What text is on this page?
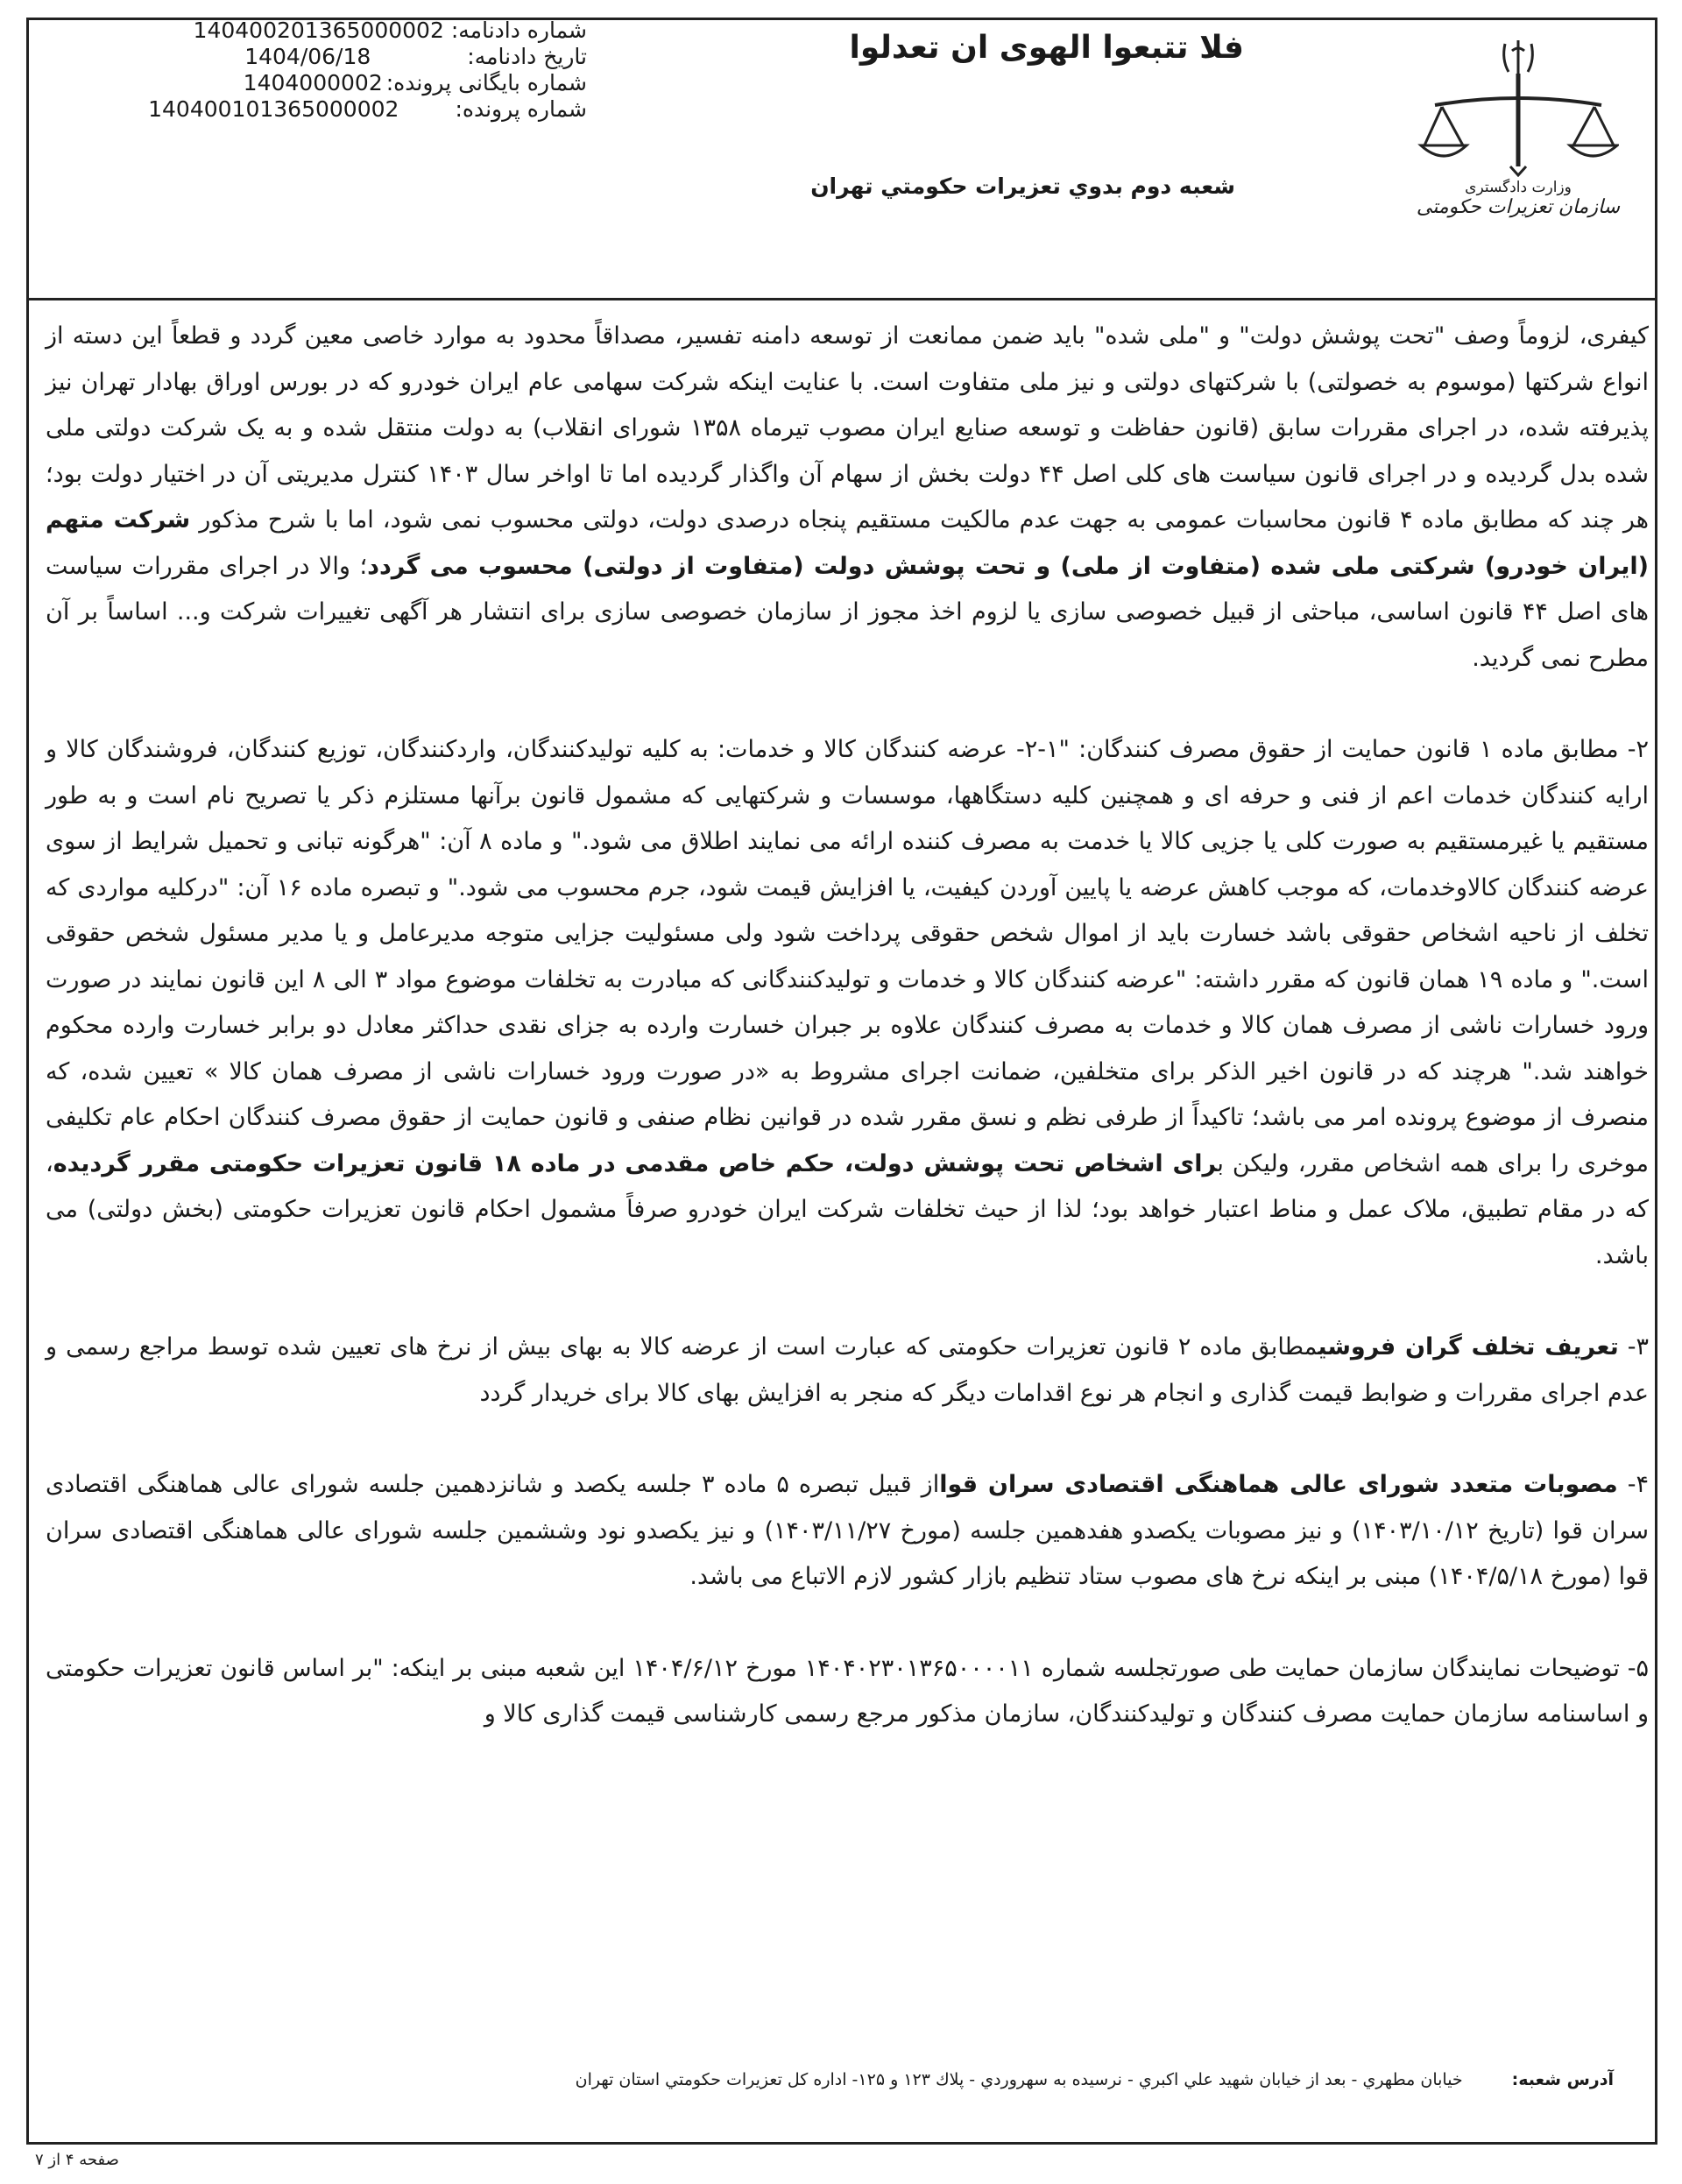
وزارت دادگستری
سازمان تعزیرات حکومتی
فلا تتبعوا الهوی ان تعدلوا
شعبه دوم بدوي تعزيرات حكومتي تهران
شماره دادنامه:
140400201365000002
تاریخ دادنامه:
1404/06/18
شماره بایگانی پرونده:
1404000002
شماره پرونده:
140400101365000002

کیفری، لزوماً وصف "تحت پوشش دولت" و "ملی شده" باید ضمن ممانعت از توسعه دامنه تفسیر، مصداقاً محدود به موارد خاصی معین گردد و قطعاً این دسته از انواع شرکتها (موسوم به خصولتی) با شرکتهای دولتی و نیز ملی متفاوت است. با عنایت اینکه شرکت سهامی عام ایران خودرو که در بورس اوراق بهادار تهران نیز پذیرفته شده، در اجرای مقررات سابق (قانون حفاظت و توسعه صنایع ایران مصوب تیرماه ۱۳۵۸ شورای انقلاب) به دولت منتقل شده و به یک شرکت دولتی ملی شده بدل گردیده و در اجرای قانون سیاست های کلی اصل ۴۴ دولت بخش از سهام آن واگذار گردیده اما تا اواخر سال ۱۴۰۳ کنترل مدیریتی آن در اختیار دولت بود؛ هر چند که مطابق ماده ۴ قانون محاسبات عمومی به جهت عدم مالکیت مستقیم پنجاه درصدی دولت، دولتی محسوب نمی شود، اما با شرح مذکور شرکت متهم (ایران خودرو) شرکتی ملی شده (متفاوت از ملی) و تحت پوشش دولت (متفاوت از دولتی) محسوب می گردد؛ والا در اجرای مقررات سیاست های اصل ۴۴ قانون اساسی، مباحثی از قبیل خصوصی سازی یا لزوم اخذ مجوز از سازمان خصوصی سازی برای انتشار هر آگهی تغییرات شرکت و... اساساً بر آن مطرح نمی گردید.

۲- مطابق ماده ۱ قانون حمایت از حقوق مصرف کنندگان: "۱-۲- عرضه کنندگان کالا و خدمات: به کلیه تولیدکنندگان، واردکنندگان، توزیع کنندگان، فروشندگان کالا و ارایه کنندگان خدمات اعم از فنی و حرفه ای و همچنین کلیه دستگاهها، موسسات و شرکتهایی که مشمول قانون برآنها مستلزم ذکر یا تصریح نام است و به طور مستقیم یا غیرمستقیم به صورت کلی یا جزیی کالا یا خدمت به مصرف کننده ارائه می نمایند اطلاق می شود." و ماده ۸ آن: "هرگونه تبانی و تحمیل شرایط از سوی عرضه کنندگان کالاوخدمات، که موجب کاهش عرضه یا پایین آوردن کیفیت، یا افزایش قیمت شود، جرم محسوب می شود." و تبصره ماده ۱۶ آن: "درکلیه مواردی که تخلف از ناحیه اشخاص حقوقی باشد خسارت باید از اموال شخص حقوقی پرداخت شود ولی مسئولیت جزایی متوجه مدیرعامل و یا مدیر مسئول شخص حقوقی است." و ماده ۱۹ همان قانون که مقرر داشته: "عرضه کنندگان کالا و خدمات و تولیدکنندگانی که مبادرت به تخلفات موضوع مواد ۳ الی ۸ این قانون نمایند در صورت ورود خسارات ناشی از مصرف همان کالا و خدمات به مصرف کنندگان علاوه بر جبران خسارت وارده به جزای نقدی حداکثر معادل دو برابر خسارت وارده محکوم خواهند شد." هرچند که در قانون اخیر الذکر برای متخلفین، ضمانت اجرای مشروط به «در صورت ورود خسارات ناشی از مصرف همان کالا » تعیین شده، که منصرف از موضوع پرونده امر می باشد؛ تاکیداً از طرفی نظم و نسق مقرر شده در قوانین نظام صنفی و قانون حمایت از حقوق مصرف کنندگان احکام عام تکلیفی موخری را برای همه اشخاص مقرر، ولیکن برای اشخاص تحت پوشش دولت، حکم خاص مقدمی در ماده ۱۸ قانون تعزیرات حکومتی مقرر گردیده، که در مقام تطبیق، ملاک عمل و مناط اعتبار خواهد بود؛ لذا از حیث تخلفات شرکت ایران خودرو صرفاً مشمول احکام قانون تعزیرات حکومتی (بخش دولتی) می باشد.

۳- تعریف تخلف گران فروشیمطابق ماده ۲ قانون تعزیرات حکومتی که عبارت است از عرضه کالا به بهای بیش از نرخ های تعیین شده توسط مراجع رسمی و عدم اجرای مقررات و ضوابط قیمت گذاری و انجام هر نوع اقدامات دیگر که منجر به افزایش بهای کالا برای خریدار گردد

۴- مصوبات متعدد شورای عالی هماهنگی اقتصادی سران قوااز قبیل تبصره ۵ ماده ۳ جلسه یکصد و شانزدهمین جلسه شورای عالی هماهنگی اقتصادی سران قوا (تاریخ ۱۴۰۳/۱۰/۱۲) و نیز مصوبات یکصدو هفدهمین جلسه (مورخ ۱۴۰۳/۱۱/۲۷) و نیز یکصدو نود وششمین جلسه شورای عالی هماهنگی اقتصادی سران قوا (مورخ ۱۴۰۴/۵/۱۸) مبنی بر اینکه نرخ های مصوب ستاد تنظیم بازار کشور لازم الاتباع می باشد.

۵- توضیحات نمایندگان سازمان حمایت طی صورتجلسه شماره ۱۴۰۴۰۲۳۰۱۳۶۵۰۰۰۰۱۱ مورخ ۱۴۰۴/۶/۱۲ این شعبه مبنی بر اینکه: "بر اساس قانون تعزیرات حکومتی و اساسنامه سازمان حمایت مصرف کنندگان و تولیدکنندگان، سازمان مذکور مرجع رسمی کارشناسی قیمت گذاری کالا و

آدرس شعبه:خيابان مطهري - بعد از خيابان شهيد علي اكبري - نرسيده به سهروردي - پلاك ۱۲۳ و ۱۲۵- اداره كل تعزيرات حكومتي استان تهران
صفحه ۴ از ۷
